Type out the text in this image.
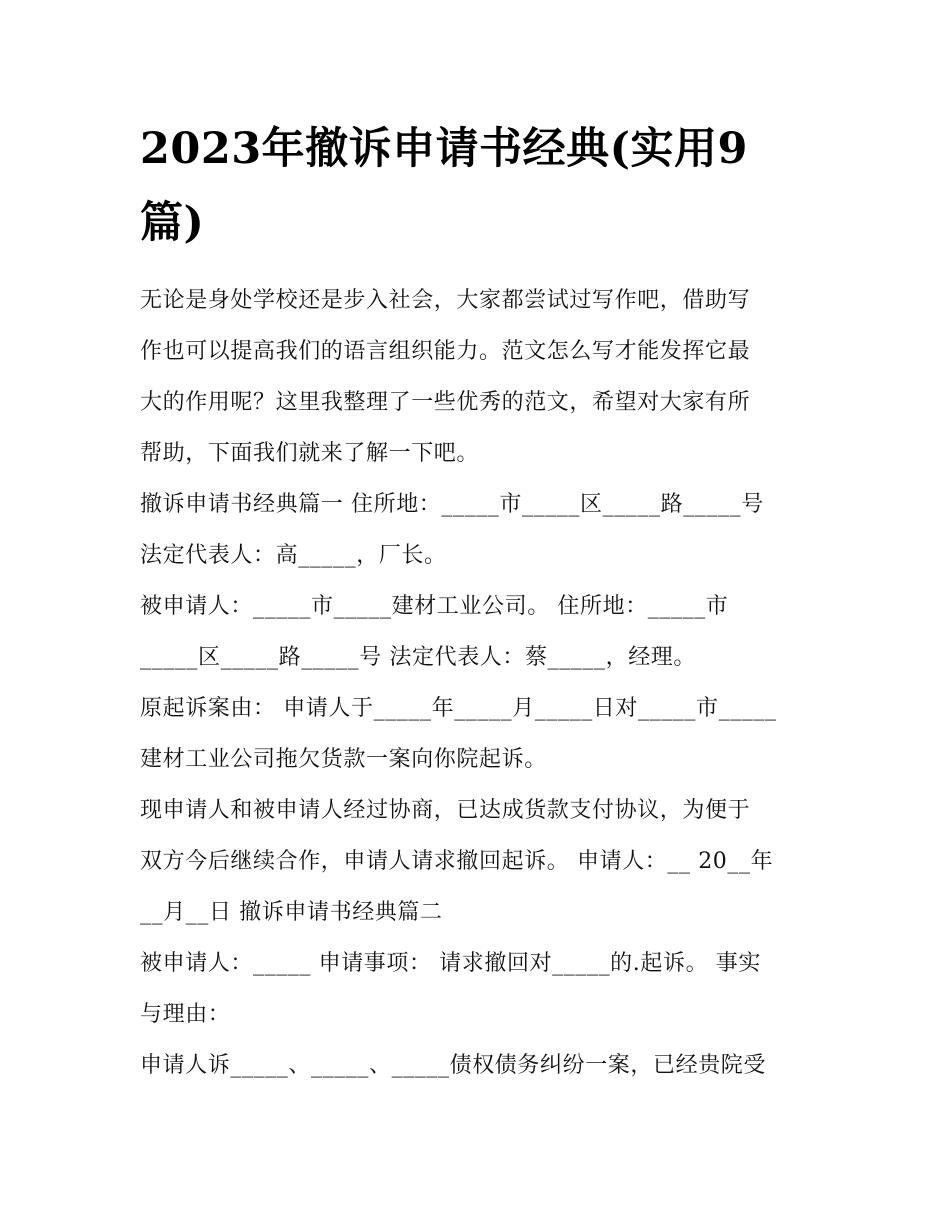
2023年撤诉申请书经典(实用9
篇)

无论是身处学校还是步入社会，大家都尝试过写作吧，借助写
作也可以提高我们的语言组织能力。范文怎么写才能发挥它最
大的作用呢？这里我整理了一些优秀的范文，希望对大家有所
帮助，下面我们就来了解一下吧。

撤诉申请书经典篇一 住所地：_____市_____区_____路_____号
法定代表人：高_____，厂长。

被申请人：_____市_____建材工业公司。 住所地：_____市
_____区_____路_____号 法定代表人：蔡_____，经理。

原起诉案由： 申请人于_____年_____月_____日对_____市_____
建材工业公司拖欠货款一案向你院起诉。

现申请人和被申请人经过协商，已达成货款支付协议，为便于
双方今后继续合作，申请人请求撤回起诉。 申请人：__ 20__年
__月__日 撤诉申请书经典篇二

被申请人：_____ 申请事项： 请求撤回对_____的.起诉。 事实
与理由：

申请人诉_____、_____、_____债权债务纠纷一案，已经贵院受
